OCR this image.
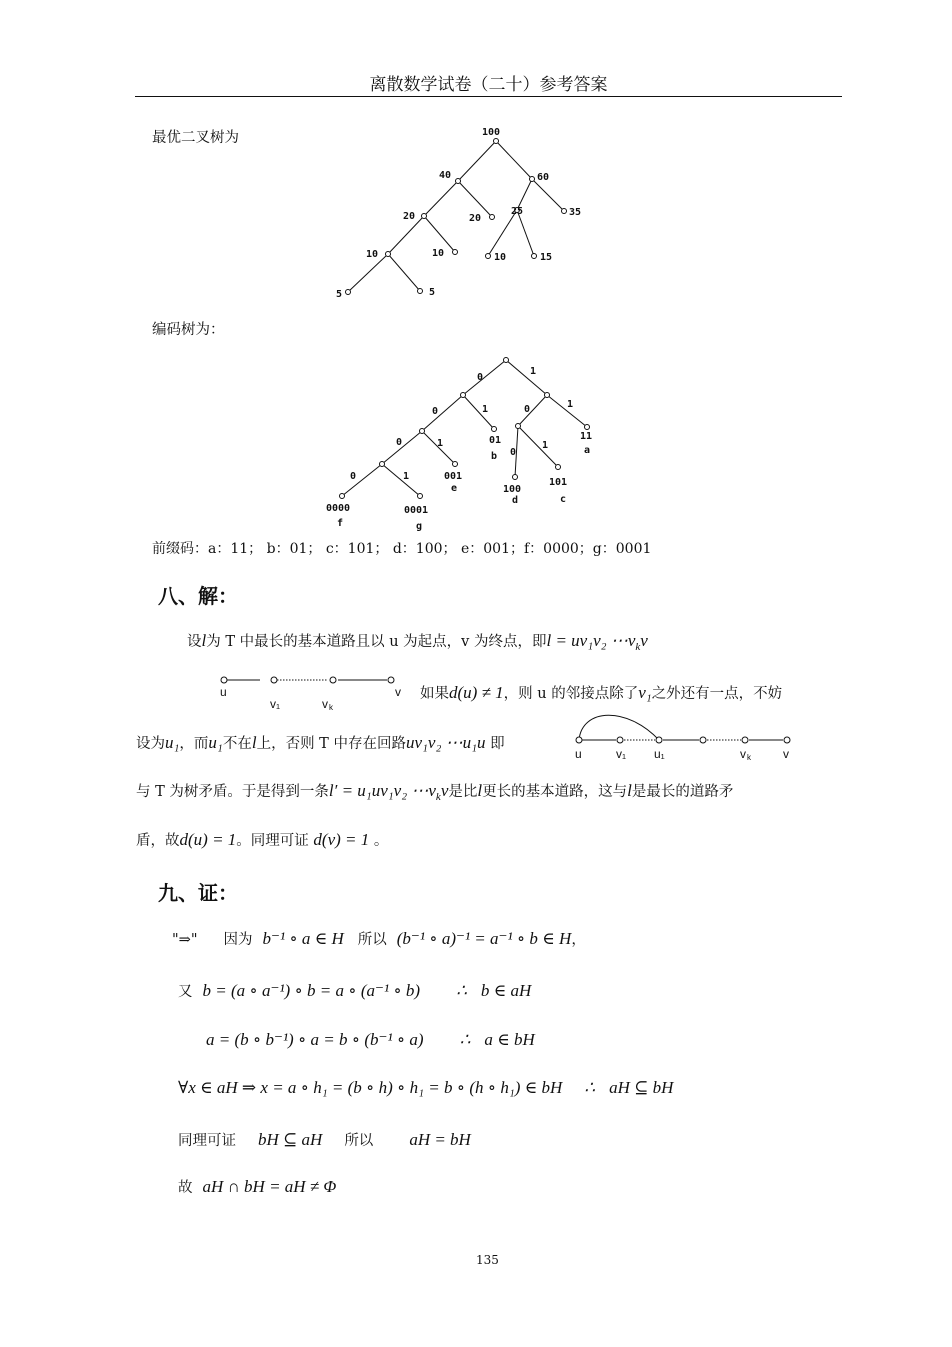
离散数学试卷（二十）参考答案
最优二叉树为	100
40	60
20	20
25	35
10	10	10	15
5	5
编码树为：
0
1
0	1	0	1
0	1
0
1
0	1
0000	0001
001
01
100
101
11
f	g
e
b
d	c
a
前缀码：a：11； b：01； c：101； d：100； e：001；f：0000；g：0001
八、解：
设l为 T 中最长的基本道路且以 u 为起点，v 为终点，即l = uv₁v₂ $\cdots v_kv$
u
v₁	v k
v 如果d(u) ≠ 1，则 u 的邻接点除了v₁之外还有一点，不妨
设为u₁，而u₁不在l上，否则 T 中存在回路uv₁v₂ ⋯u₁u 即
u	v₁ u₁	v k	v
与 T 为树矛盾。于是得到一条l′ = u₁uv₁v₂ $\cdots v_kv$是比l更长的基本道路，这与l是最长的道路矛
盾，故d(u) = 1。同理可证 d(v) = 1 。
九、证：
"⇒" 因为 b⁻¹ ∘ a ∈ H 所以 (b⁻¹ ∘ a)⁻¹ = a⁻¹ ∘ b ∈ H，
又 b = (a ∘ a⁻¹) ∘ b = a ∘ (a⁻¹ ∘ b) ∴ b ∈ aH
a = (b ∘ b⁻¹) ∘ a = b ∘ (b⁻¹ ∘ a) ∴ a ∈ bH
∀x ∈ aH ⇒ x = a ∘ h₁ = (b ∘ h) ∘ h₁ = b ∘ (h ∘ h₁) ∈ bH ∴ aH ⊆ bH
同理可证 bH ⊆ aH 所以 aH = bH
故 aH ∩ bH = aH ≠ Φ
135
